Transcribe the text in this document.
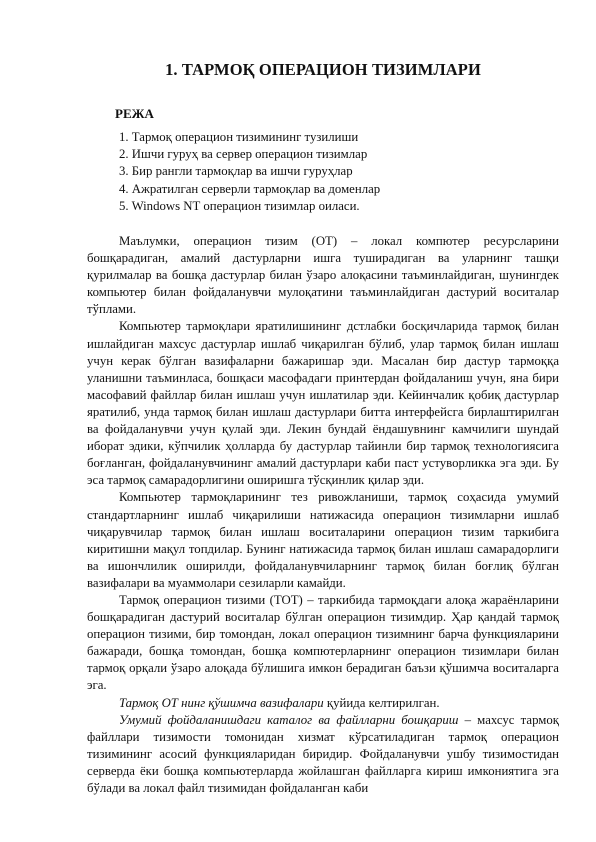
1. ТАРМОҚ ОПЕРАЦИОН ТИЗИМЛАРИ
РЕЖА
1. Тармоқ операцион тизимининг тузилиши
2. Ишчи гуруҳ ва сервер операцион тизимлар
3. Бир рангли тармоқлар ва ишчи гуруҳлар
4. Ажратилган серверли тармоқлар ва доменлар
5. Windows NT операцион тизимлар оиласи.

Маълумки, операцион тизим (ОТ) – локал компютер ресурсларини бошқарадиган, амалий дастурларни ишга туширадиган ва уларнинг ташқи қурилмалар ва бошқа дастурлар билан ўзаро алоқасини таъминлайдиган, шунингдек компьютер билан фойдаланувчи мулоқатини таъминлайдиган дастурий воситалар тўплами.

Компьютер тармоқлари яратилишининг дстлабки босқичларида тармоқ билан ишлайдиган махсус дастурлар ишлаб чиқарилган бўлиб, улар тармоқ билан ишлаш учун керак бўлган вазифаларни бажаришар эди. Масалан бир дастур тармоққа уланишни таъминласа, бошқаси масофадаги принтердан фойдаланиш учун, яна бири масофавий файллар билан ишлаш учун ишлатилар эди. Кейинчалик қобиқ дастурлар яратилиб, унда тармоқ билан ишлаш дастурлари битта интерфейсга бирлаштирилган ва фойдаланувчи учун қулай эди. Лекин бундай ёндашувнинг камчилиги шундай иборат эдики, кўпчилик ҳолларда бу дастурлар тайинли бир тармоқ технологиясига боғланган, фойдаланувчининг амалий дастурлари каби паст устуворликка эга эди. Бу эса тармоқ самарадорлигини оширишга тўсқинлик қилар эди.

Компьютер тармоқларининг тез ривожланиши, тармоқ соҳасида умумий стандартларнинг ишлаб чиқарилиши натижасида операцион тизимларни ишлаб чиқарувчилар тармоқ билан ишлаш воситаларини операцион тизим таркибига киритишни мақул топдилар. Бунинг натижасида тармоқ билан ишлаш самарадорлиги ва ишончлилик оширилди, фойдаланувчиларнинг тармоқ билан боғлиқ бўлган вазифалари ва муаммолари сезиларли камайди.

Тармоқ операцион тизими (ТОТ) – таркибида тармоқдаги алоқа жараёнларини бошқарадиган дастурий воситалар бўлган операцион тизимдир. Ҳар қандай тармоқ операцион тизими, бир томондан, локал операцион тизимнинг барча функцияларини бажаради, бошқа томондан, бошқа компютерларнинг операцион тизимлари билан тармоқ орқали ўзаро алоқада бўлишига имкон берадиган баъзи қўшимча воситаларга эга.

Тармоқ ОТ нинг қўшимча вазифалари қуйида келтирилган.

Умумий фойдаланишдаги каталог ва файлларни бошқариш – махсус тармоқ файллари тизимости томонидан хизмат кўрсатиладиган тармоқ операцион тизимининг асосий функцияларидан биридир. Фойдаланувчи ушбу тизимостидан серверда ёки бошқа компьютерларда жойлашган файлларга кириш имкониятига эга бўлади ва локал файл тизимидан фойдаланган каби
